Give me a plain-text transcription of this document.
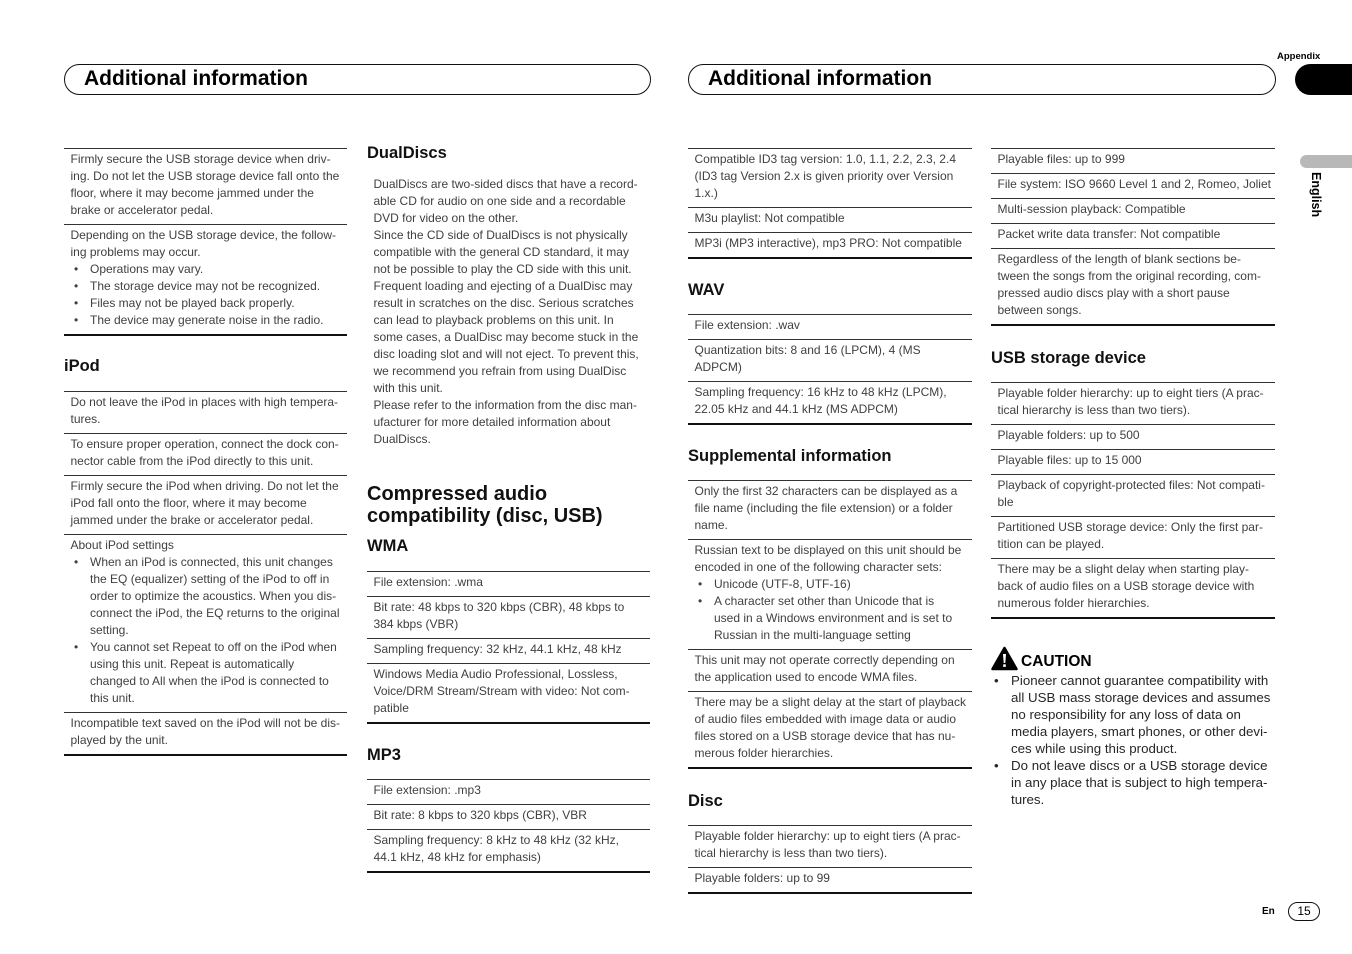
Appendix
English
Additional information	Additional information
Firmly secure the USB storage device when driv-
ing. Do not let the USB storage device fall onto the
floor, where it may become jammed under the
brake or accelerator pedal.
Depending on the USB storage device, the follow-
ing problems may occur.
• Operations may vary.
• The storage device may not be recognized.
• Files may not be played back properly.
• The device may generate noise in the radio.
iPod
Do not leave the iPod in places with high tempera-
tures.
To ensure proper operation, connect the dock con-
nector cable from the iPod directly to this unit.
Firmly secure the iPod when driving. Do not let the
iPod fall onto the floor, where it may become
jammed under the brake or accelerator pedal.
About iPod settings
• When an iPod is connected, this unit changes
the EQ (equalizer) setting of the iPod to off in
order to optimize the acoustics. When you dis-
connect the iPod, the EQ returns to the original
setting.
• You cannot set Repeat to off on the iPod when
using this unit. Repeat is automatically
changed to All when the iPod is connected to
this unit.
Incompatible text saved on the iPod will not be dis-
played by the unit.
DualDiscs
DualDiscs are two-sided discs that have a record-
able CD for audio on one side and a recordable
DVD for video on the other.
Since the CD side of DualDiscs is not physically
compatible with the general CD standard, it may
not be possible to play the CD side with this unit.
Frequent loading and ejecting of a DualDisc may
result in scratches on the disc. Serious scratches
can lead to playback problems on this unit. In
some cases, a DualDisc may become stuck in the
disc loading slot and will not eject. To prevent this,
we recommend you refrain from using DualDisc
with this unit.
Please refer to the information from the disc man-
ufacturer for more detailed information about
DualDiscs.
Compressed audio
compatibility (disc, USB)
WMA
File extension: .wma
Bit rate: 48 kbps to 320 kbps (CBR), 48 kbps to
384 kbps (VBR)
Sampling frequency: 32 kHz, 44.1 kHz, 48 kHz
Windows Media Audio Professional, Lossless,
Voice/DRM Stream/Stream with video: Not com-
patible
MP3
File extension: .mp3
Bit rate: 8 kbps to 320 kbps (CBR), VBR
Sampling frequency: 8 kHz to 48 kHz (32 kHz,
44.1 kHz, 48 kHz for emphasis)
Compatible ID3 tag version: 1.0, 1.1, 2.2, 2.3, 2.4
(ID3 tag Version 2.x is given priority over Version
1.x.)
M3u playlist: Not compatible
MP3i (MP3 interactive), mp3 PRO: Not compatible
WAV
File extension: .wav
Quantization bits: 8 and 16 (LPCM), 4 (MS
ADPCM)
Sampling frequency: 16 kHz to 48 kHz (LPCM),
22.05 kHz and 44.1 kHz (MS ADPCM)
Supplemental information
Only the first 32 characters can be displayed as a
file name (including the file extension) or a folder
name.
Russian text to be displayed on this unit should be
encoded in one of the following character sets:
• Unicode (UTF-8, UTF-16)
• A character set other than Unicode that is
used in a Windows environment and is set to
Russian in the multi-language setting
This unit may not operate correctly depending on
the application used to encode WMA files.
There may be a slight delay at the start of playback
of audio files embedded with image data or audio
files stored on a USB storage device that has nu-
merous folder hierarchies.
Disc
Playable folder hierarchy: up to eight tiers (A prac-
tical hierarchy is less than two tiers).
Playable folders: up to 99
Playable files: up to 999
File system: ISO 9660 Level 1 and 2, Romeo, Joliet
Multi-session playback: Compatible
Packet write data transfer: Not compatible
Regardless of the length of blank sections be-
tween the songs from the original recording, com-
pressed audio discs play with a short pause
between songs.
USB storage device
Playable folder hierarchy: up to eight tiers (A prac-
tical hierarchy is less than two tiers).
Playable folders: up to 500
Playable files: up to 15 000
Playback of copyright-protected files: Not compati-
ble
Partitioned USB storage device: Only the first par-
tition can be played.
There may be a slight delay when starting play-
back of audio files on a USB storage device with
numerous folder hierarchies.
CAUTION
• Pioneer cannot guarantee compatibility with
all USB mass storage devices and assumes
no responsibility for any loss of data on
media players, smart phones, or other devi-
ces while using this product.
• Do not leave discs or a USB storage device
in any place that is subject to high tempera-
tures.
En	15
